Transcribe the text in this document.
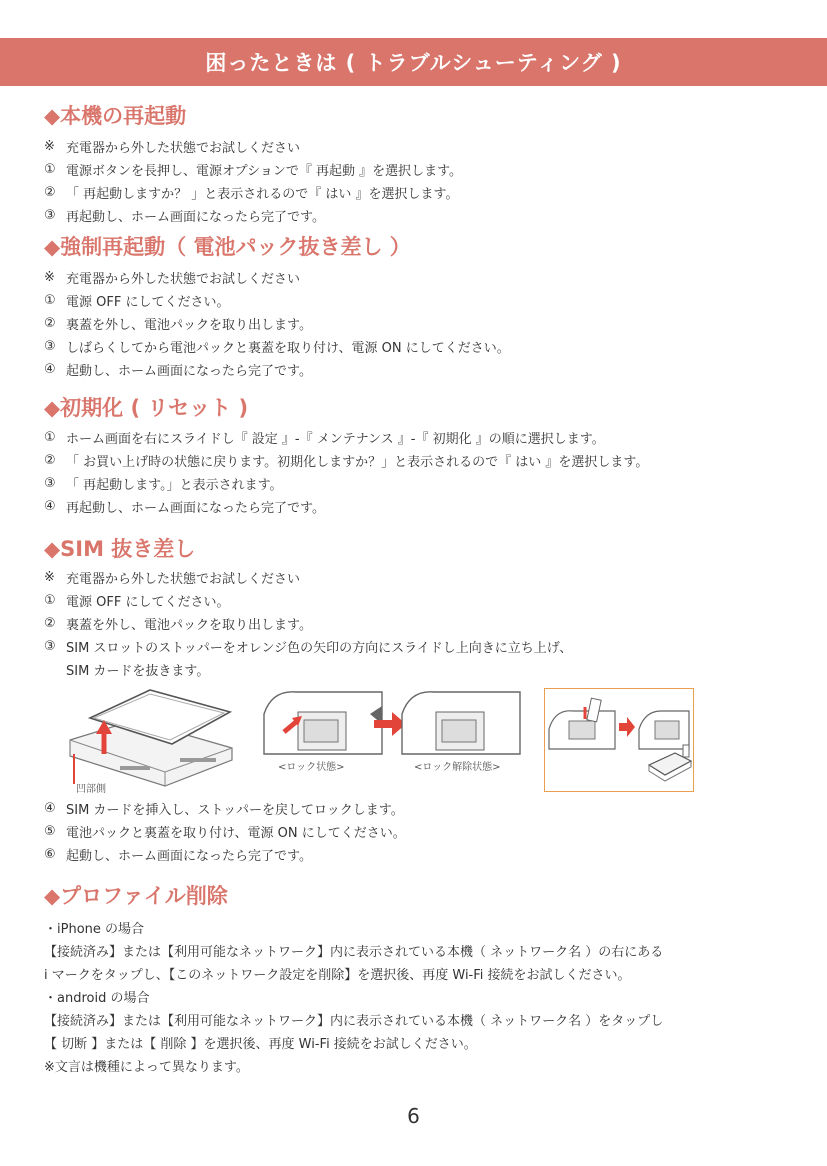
困ったときは ( トラブルシューティング )
◆本機の再起動
※ 充電器から外した状態でお試しください
① 電源ボタンを長押し、電源オプションで『 再起動 』を選択します。
② 「 再起動しますか？ 」と表示されるので『 はい 』を選択します。
③ 再起動し、ホーム画面になったら完了です。
◆強制再起動（ 電池パック抜き差し ）
※ 充電器から外した状態でお試しください
① 電源 OFF にしてください。
② 裏蓋を外し、電池パックを取り出します。
③ しばらくしてから電池パックと裏蓋を取り付け、電源 ON にしてください。
④ 起動し、ホーム画面になったら完了です。
◆初期化 ( リセット )
① ホーム画面を右にスライドし『 設定 』-『 メンテナンス 』-『 初期化 』の順に選択します。
② 「 お買い上げ時の状態に戻ります。初期化しますか？」と表示されるので『 はい 』を選択します。
③ 「 再起動します。」と表示されます。
④ 再起動し、ホーム画面になったら完了です。
◆SIM 抜き差し
※ 充電器から外した状態でお試しください
① 電源 OFF にしてください。
② 裏蓋を外し、電池パックを取り出します。
③ SIM スロットのストッパーをオレンジ色の矢印の方向にスライドし上向きに立ち上げ、
SIM カードを抜きます。
凹部側
<ロック状態>	<ロック解除状態>
④ SIM カードを挿入し、ストッパーを戻してロックします。
⑤ 電池パックと裏蓋を取り付け、電源 ON にしてください。
⑥ 起動し、ホーム画面になったら完了です。
◆プロファイル削除
・iPhone の場合
【接続済み】または【利用可能なネットワーク】内に表示されている本機（ ネットワーク名 ）の右にある
i マークをタップし、【このネットワーク設定を削除】を選択後、再度 Wi-Fi 接続をお試しください。
・android の場合
【接続済み】または【利用可能なネットワーク】内に表示されている本機（ ネットワーク名 ）をタップし
【 切断 】または【 削除 】を選択後、再度 Wi-Fi 接続をお試しください。
※文言は機種によって異なります。
6
